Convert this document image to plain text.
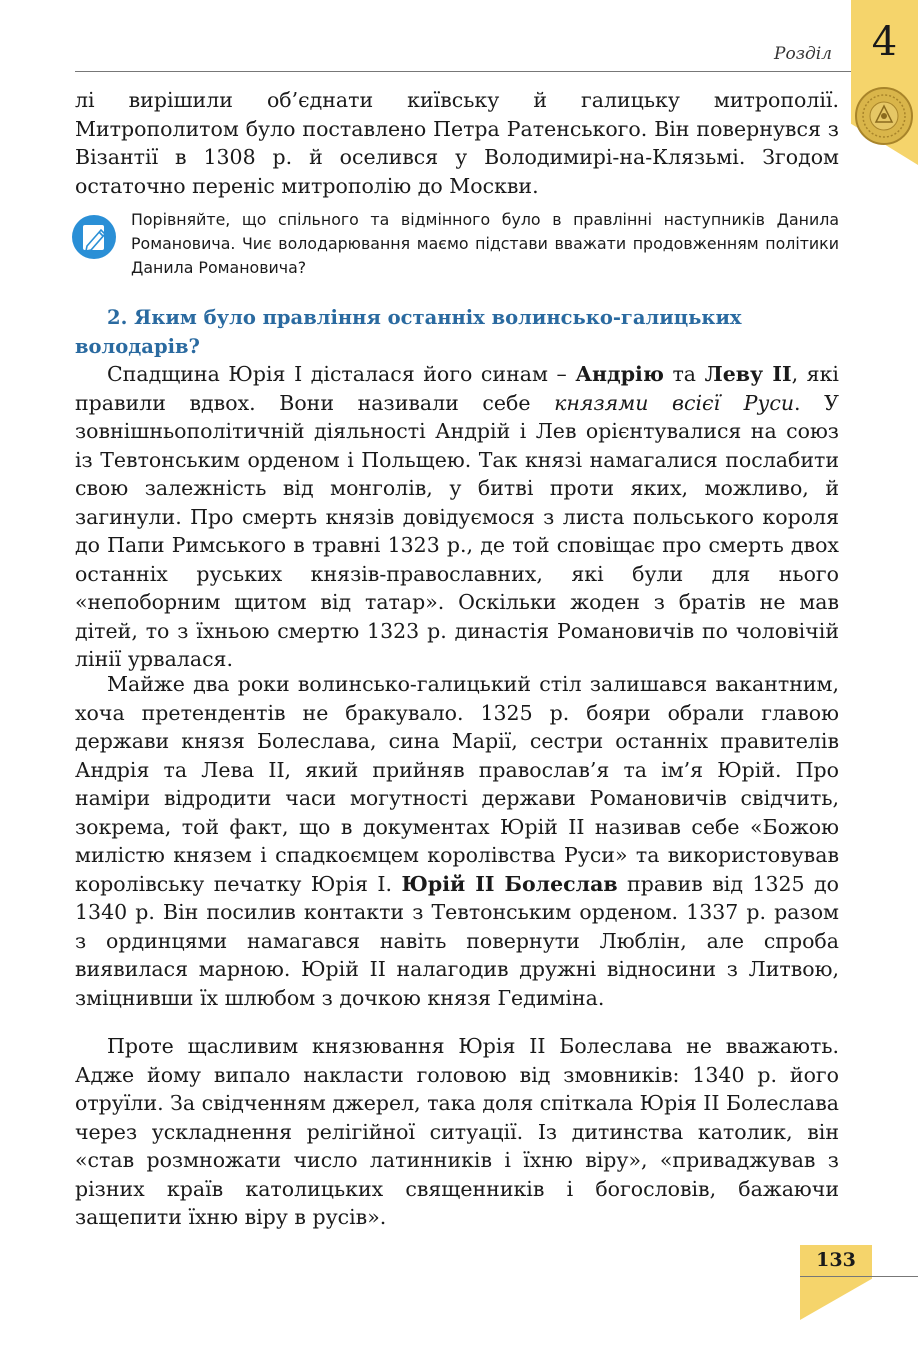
Розділ 4

лі вирішили об’єднати київську й галицьку митрополії. Митрополитом було поставлено Петра Ратенського. Він повернувся з Візантії в 1308 р. й оселився у Володимирі-на-Клязьмі. Згодом остаточно переніс митрополію до Москви.

Порівняйте, що спільного та відмінного було в правлінні наступників Данила Романовича. Чиє володарювання маємо підстави вважати продовженням політики Данила Романовича?

2. Яким було правління останніх волинсько-галицьких володарів?

Спадщина Юрія I дісталася його синам – Андрію та Леву II, які правили вдвох. Вони називали себе князями всієї Руси. У зовнішньополітичній діяльності Андрій і Лев орієнтувалися на союз із Тевтонським орденом і Польщею. Так князі намагалися послабити свою залежність від монголів, у битві проти яких, можливо, й загинули. Про смерть князів довідуємося з листа польського короля до Папи Римського в травні 1323 р., де той сповіщає про смерть двох останніх руських князів-православних, які були для нього «непоборним щитом від татар». Оскільки жоден з братів не мав дітей, то з їхньою смертю 1323 р. династія Романовичів по чоловічій лінії урвалася.

Майже два роки волинсько-галицький стіл залишався вакантним, хоча претендентів не бракувало. 1325 р. бояри обрали главою держави князя Болеслава, сина Марії, сестри останніх правителів Андрія та Лева II, який прийняв православ’я та ім’я Юрій. Про наміри відродити часи могутності держави Романовичів свідчить, зокрема, той факт, що в документах Юрій II називав себе «Божою милістю князем і спадкоємцем королівства Руси» та використовував королівську печатку Юрія I. Юрій II Болеслав правив від 1325 до 1340 р. Він посилив контакти з Тевтонським орденом. 1337 р. разом з ординцями намагався навіть повернути Люблін, але спроба виявилася марною. Юрій II налагодив дружні відносини з Литвою, зміцнивши їх шлюбом з дочкою князя Гедиміна.

Проте щасливим князювання Юрія II Болеслава не вважають. Адже йому випало накласти головою від змовників: 1340 р. його отруїли. За свідченням джерел, така доля спіткала Юрія II Болеслава через ускладнення релігійної ситуації. Із дитинства католик, він «став розмножати число латинників і їхню віру», «приваджував з різних країв католицьких священників і богословів, бажаючи защепити їхню віру в русів».

133
